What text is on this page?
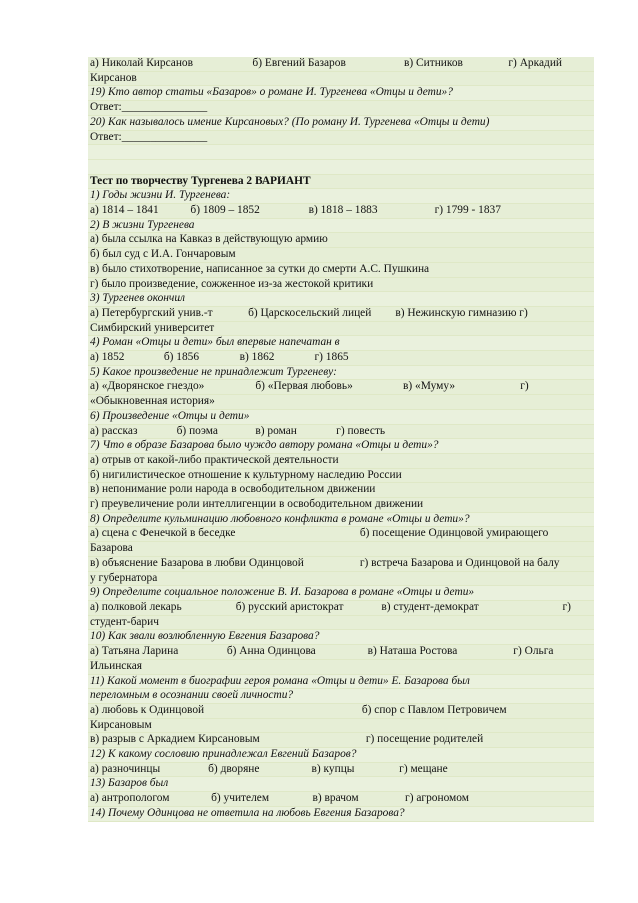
а) Николай Кирсанов	б) Евгений Базаров	в) Ситников	г) Аркадий
Кирсанов
19) Кто автор статьи «Базаров» о романе И. Тургенева «Отцы и дети»?
Ответ:_______________
20) Как называлось имение Кирсановых? (По роману И. Тургенева «Отцы и дети)
Ответ:_______________
Тест по творчеству Тургенева 2 ВАРИАНТ
1) Годы жизни И. Тургенева:
а) 1814 – 1841	б) 1809 – 1852	в) 1818 – 1883	г) 1799 - 1837
2) В жизни Тургенева
а) была ссылка на Кавказ в действующую армию
б) был суд с И.А. Гончаровым
в) было стихотворение, написанное за сутки до смерти А.С. Пушкина
г) было произведение, сожженное из-за жестокой критики
3) Тургенев окончил
а) Петербургский унив.-т	б) Царскосельский лицей	в) Нежинскую гимназию г)
Симбирский университет
4) Роман «Отцы и дети» был впервые напечатан в
а) 1852	б) 1856	в) 1862	г) 1865
5) Какое произведение не принадлежит Тургеневу:
а) «Дворянское гнездо»	б) «Первая любовь»	в) «Муму»	г)
«Обыкновенная история»
6) Произведение «Отцы и дети»
а) рассказ	б) поэма	в) роман	г) повесть
7) Что в образе Базарова было чуждо автору романа «Отцы и дети»?
а) отрыв от какой-либо практической деятельности
б) нигилистическое отношение к культурному наследию России
в) непонимание роли народа в освободительном движении
г) преувеличение роли интеллигенции в освободительном движении
8) Определите кульминацию любовного конфликта в романе «Отцы и дети»?
а) сцена с Фенечкой в беседке	б) посещение Одинцовой умирающего
Базарова
в) объяснение Базарова в любви Одинцовой	г) встреча Базарова и Одинцовой на балу
у губернатора
9) Определите социальное положение В. И. Базарова в романе «Отцы и дети»
а) полковой лекарь	б) русский аристократ	в) студент-демократ	г)
студент-барич
10) Как звали возлюбленную Евгения Базарова?
а) Татьяна Ларина	б) Анна Одинцова	в) Наташа Ростова	г) Ольга
Ильинская
11) Какой момент в биографии героя романа «Отцы и дети» Е. Базарова был
переломным в осознании своей личности?
а) любовь к Одинцовой	б) спор с Павлом Петровичем
Кирсановым
в) разрыв с Аркадием Кирсановым	г) посещение родителей
12) К какому сословию принадлежал Евгений Базаров?
а) разночинцы	б) дворяне	в) купцы	г) мещане
13) Базаров был
а) антропологом	б) учителем	в) врачом	г) агрономом
14) Почему Одинцова не ответила на любовь Евгения Базарова?
